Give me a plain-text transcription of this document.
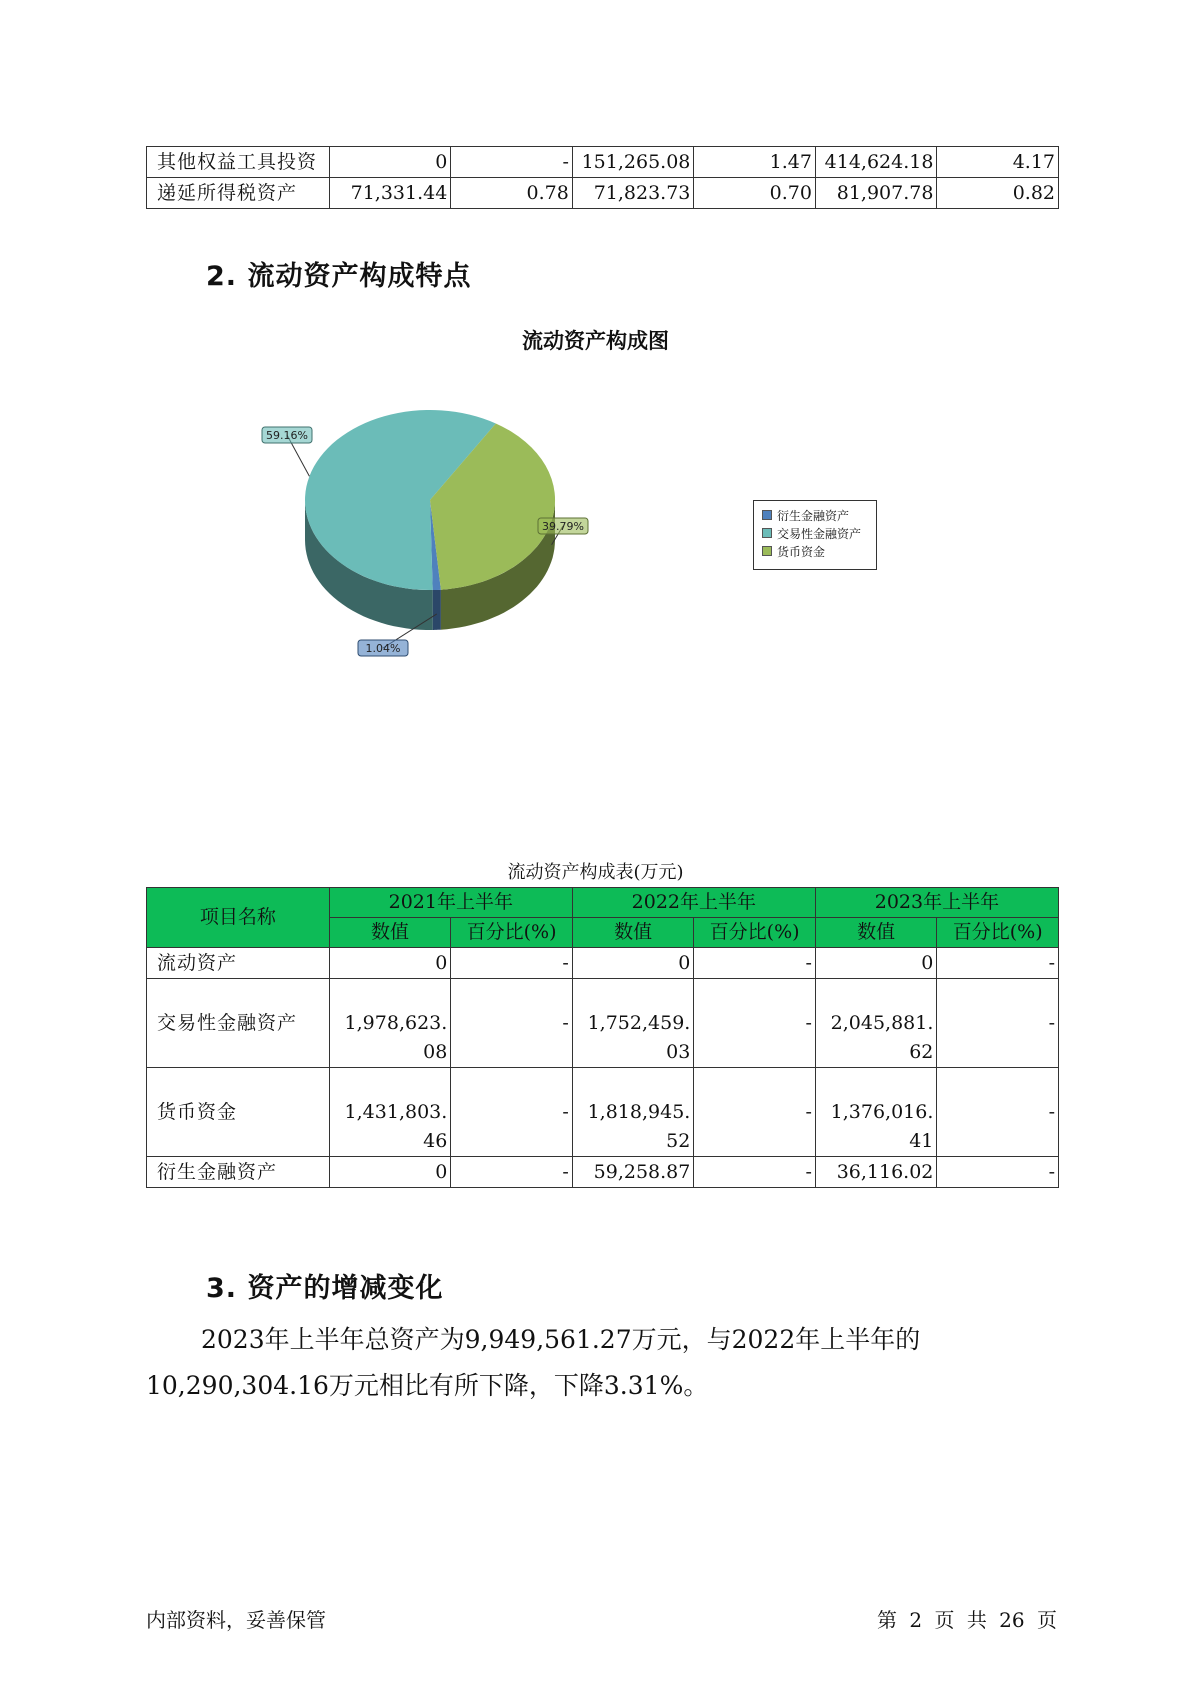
其他权益工具投资	0	-	151,265.08	1.47	414,624.18	4.17
递延所得税资产	71,331.44	0.78	71,823.73	0.70	81,907.78	0.82
2. 流动资产构成特点
流动资产构成图
1.04%
59.16%
39.79%
衍生金融资产
交易性金融资产
货币资金
流动资产构成表(万元)
项目名称	2021年上半年		2022年上半年		2023年上半年	
	数值	百分比(%)	数值	百分比(%)	数值	百分比(%)
流动资产	0	-	0	-	0	-
交易性金融资产	1,978,623.08	-	1,752,459.03	-	2,045,881.62	-
货币资金	1,431,803.46	-	1,818,945.52	-	1,376,016.41	-
衍生金融资产	0	-	59,258.87	-	36,116.02	-
3. 资产的增减变化

2023年上半年总资产为9,949,561.27万元，与2022年上半年的10,290,304.16万元相比有所下降，下降3.31%。

内部资料，妥善保管	第 2 页 共 26 页
